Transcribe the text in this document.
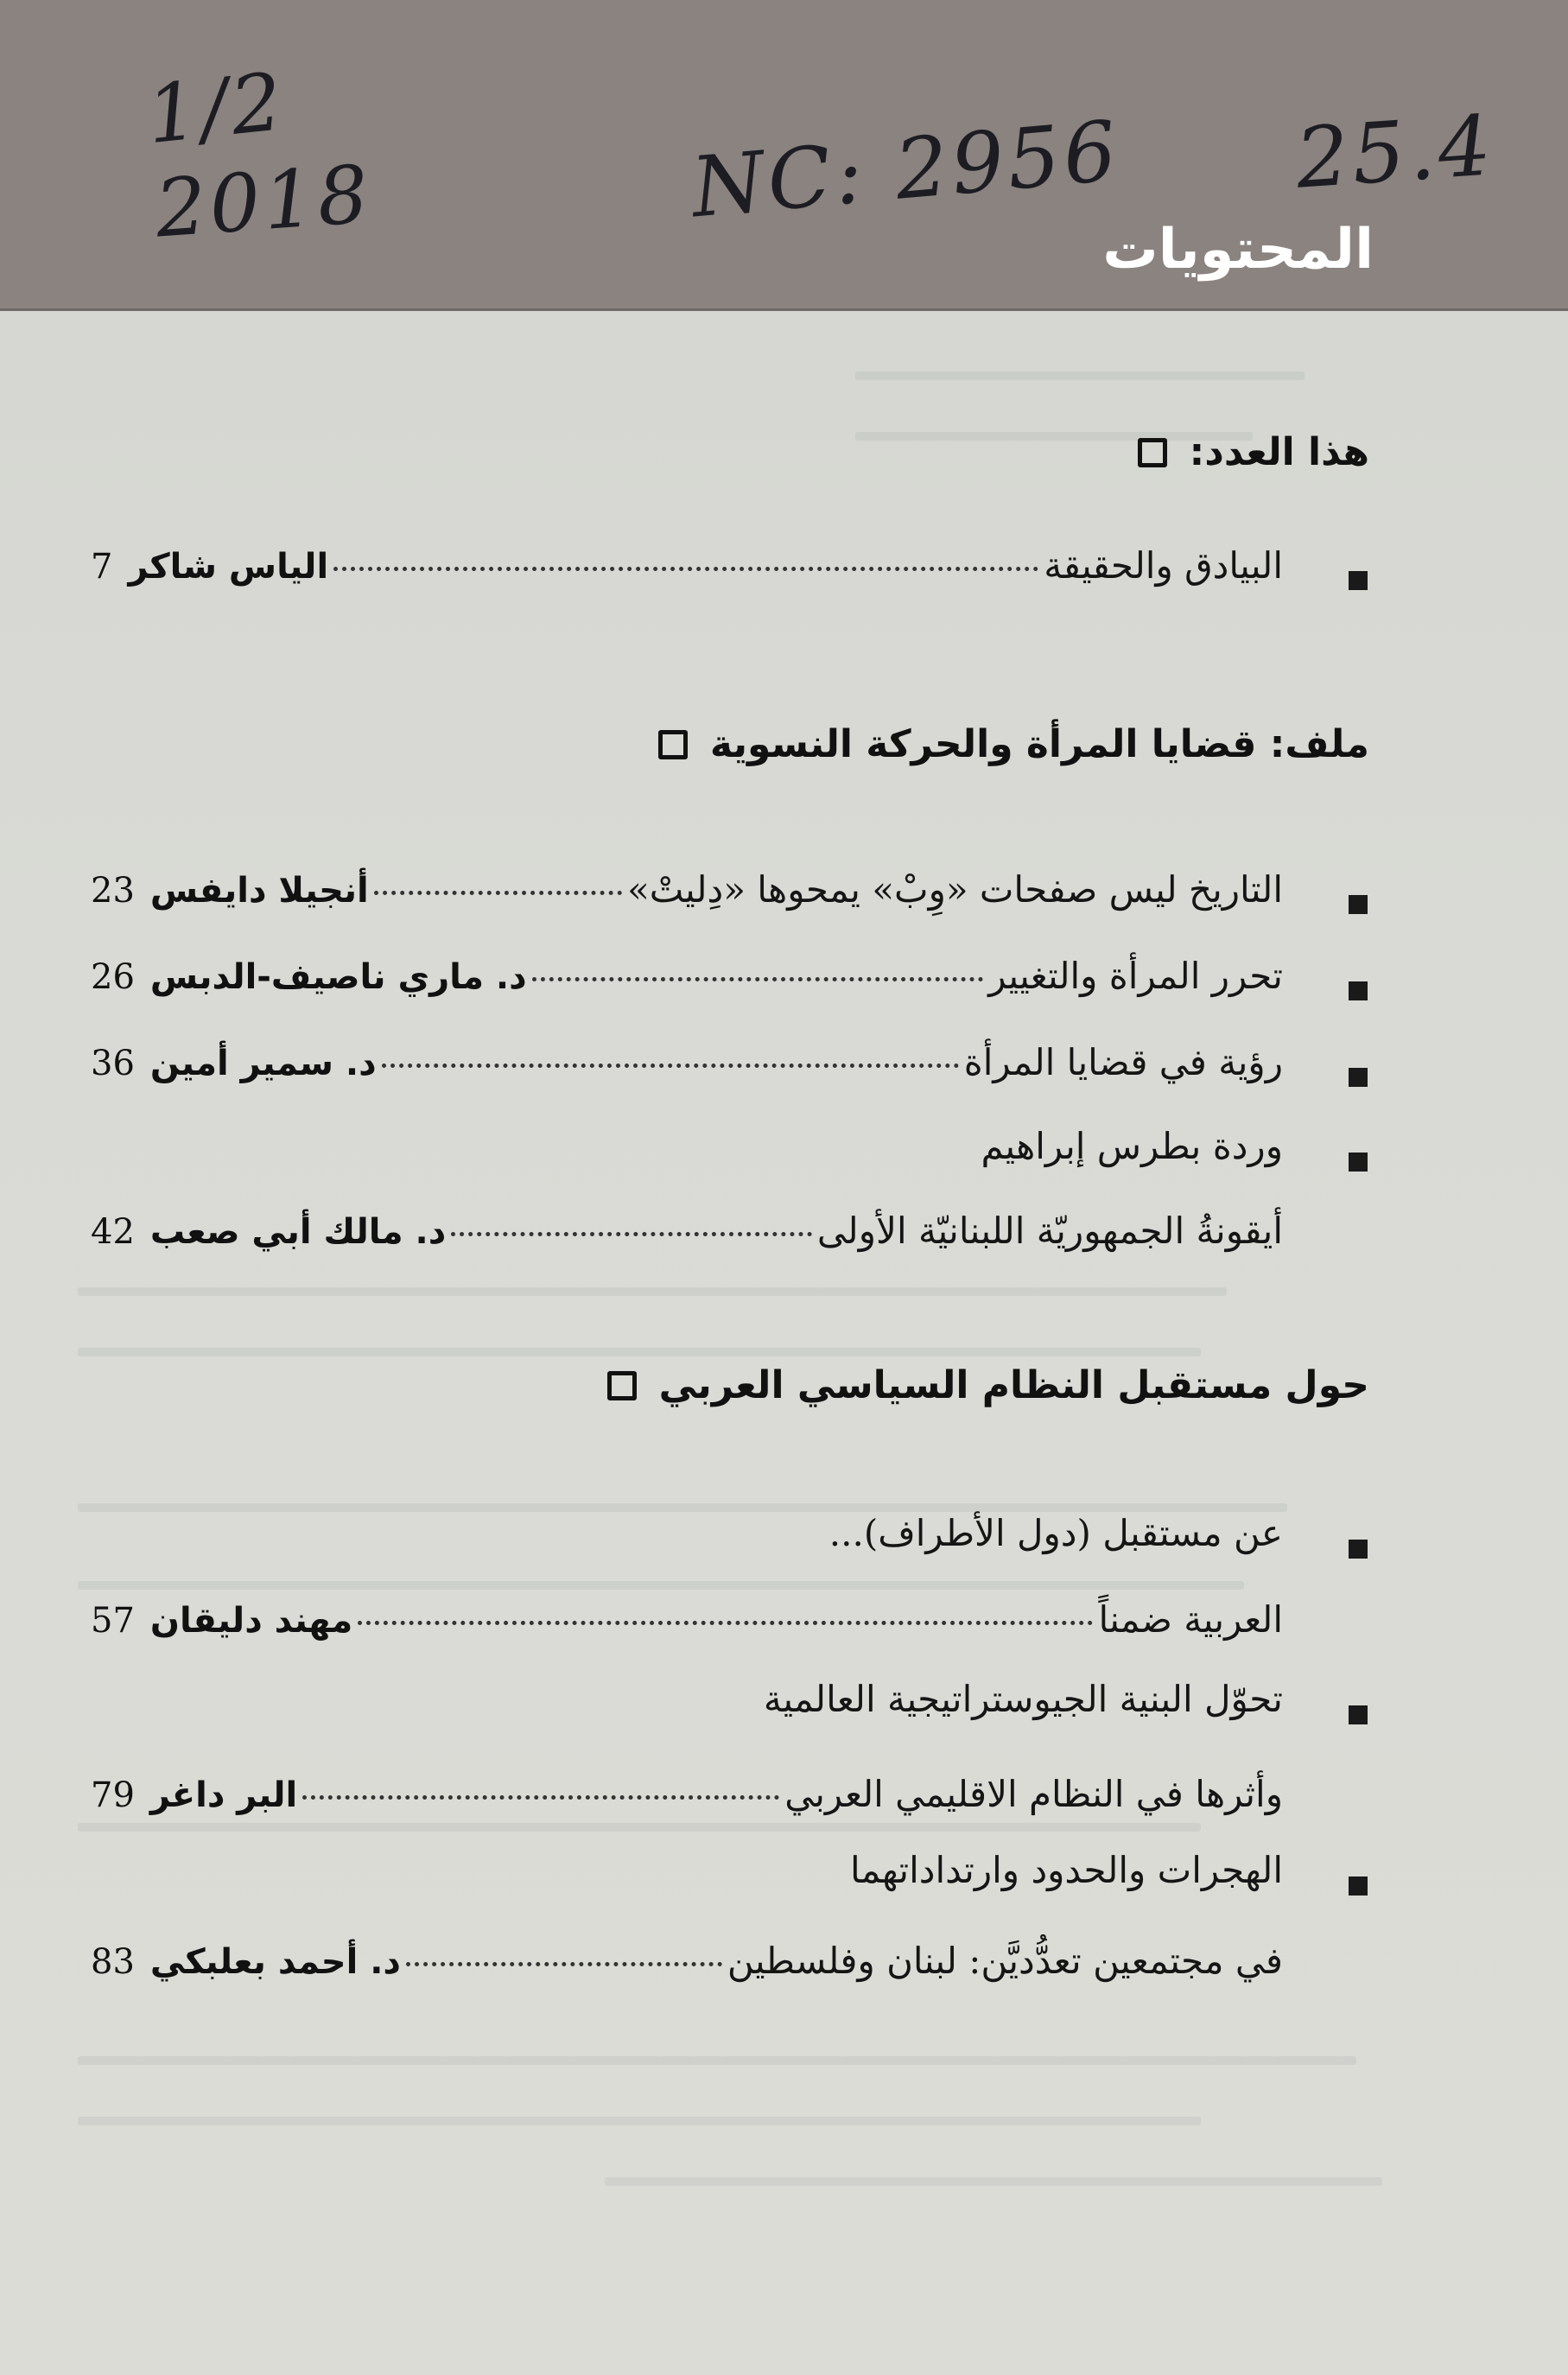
1/2
2018	NC: 2956 25.4
المحتويات
هذا العدد:
7 الياس شاكر	البيادق والحقيقة
ملف: قضايا المرأة والحركة النسوية
23 أنجيلا دايفس	التاريخ ليس صفحات «وِبْ» يمحوها «دِليتْ»
26 د. ماري ناصيف-الدبس	تحرر المرأة والتغيير
36 د. سمير أمين	رؤية في قضايا المرأة
وردة بطرس إبراهيم
42 د. مالك أبي صعب	أيقونةُ الجمهوريّة اللبنانيّة الأولى
حول مستقبل النظام السياسي العربي
عن مستقبل (دول الأطراف)...
57 مهند دليقان	العربية ضمناً
تحوّل البنية الجيوستراتيجية العالمية
79 البر داغر	وأثرها في النظام الاقليمي العربي
الهجرات والحدود وارتداداتهما
83 د. أحمد بعلبكي	في مجتمعين تعدُّديَّن: لبنان وفلسطين
